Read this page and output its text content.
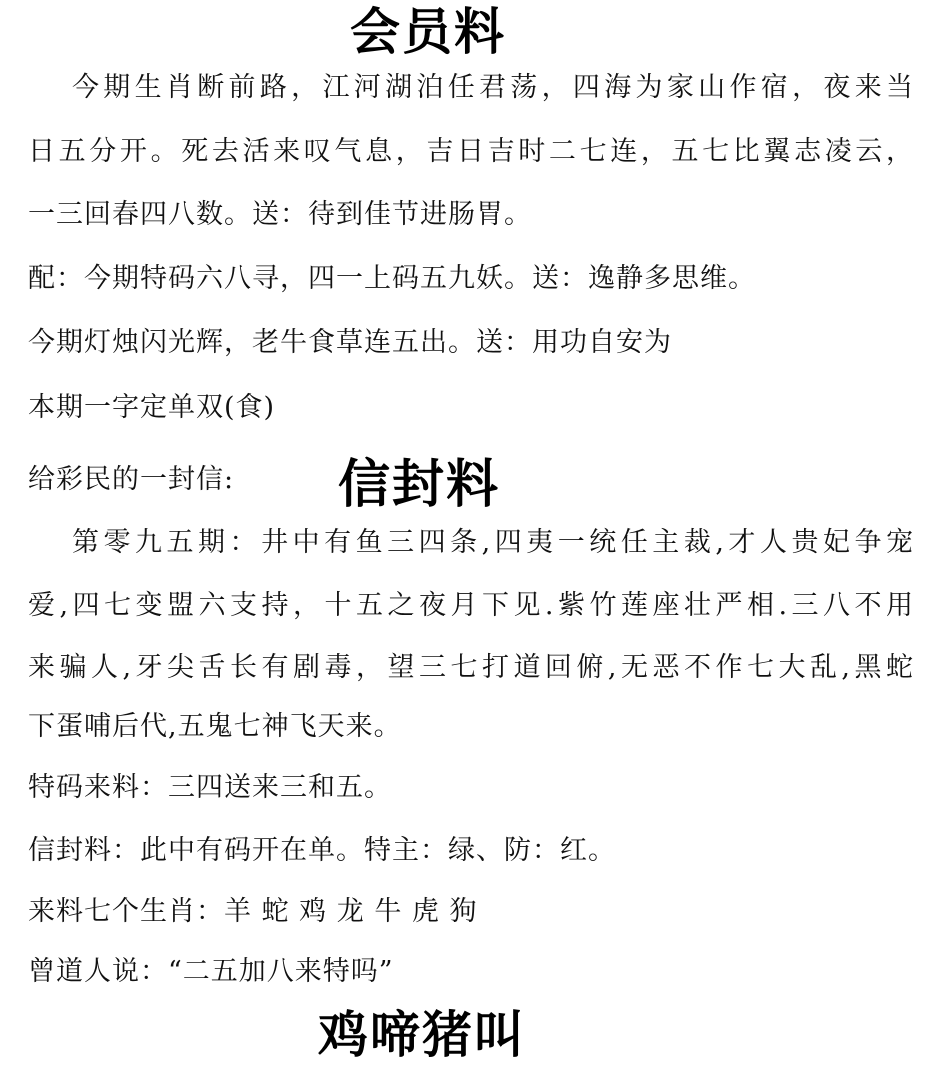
会员料
今期生肖断前路，江河湖泊任君荡，四海为家山作宿，夜来当
日五分开。死去活来叹气息，吉日吉时二七连，五七比翼志凌云，
一三回春四八数。送：待到佳节进肠胃。
配：今期特码六八寻，四一上码五九妖。送：逸静多思维。
今期灯烛闪光辉，老牛食草连五出。送：用功自安为
本期一字定单双(食)
给彩民的一封信: 信封料
第零九五期：井中有鱼三四条,四夷一统任主裁,才人贵妃争宠
爱,四七变盟六支持，十五之夜月下见.紫竹莲座壮严相.三八不用
来骗人,牙尖舌长有剧毒，望三七打道回俯,无恶不作七大乱,黑蛇
下蛋哺后代,五鬼七神飞天来。
特码来料：三四送来三和五。
信封料：此中有码开在单。特主：绿、防：红。
来料七个生肖：羊 蛇 鸡 龙 牛 虎 狗
曾道人说：“二五加八来特吗”
鸡啼猪叫
